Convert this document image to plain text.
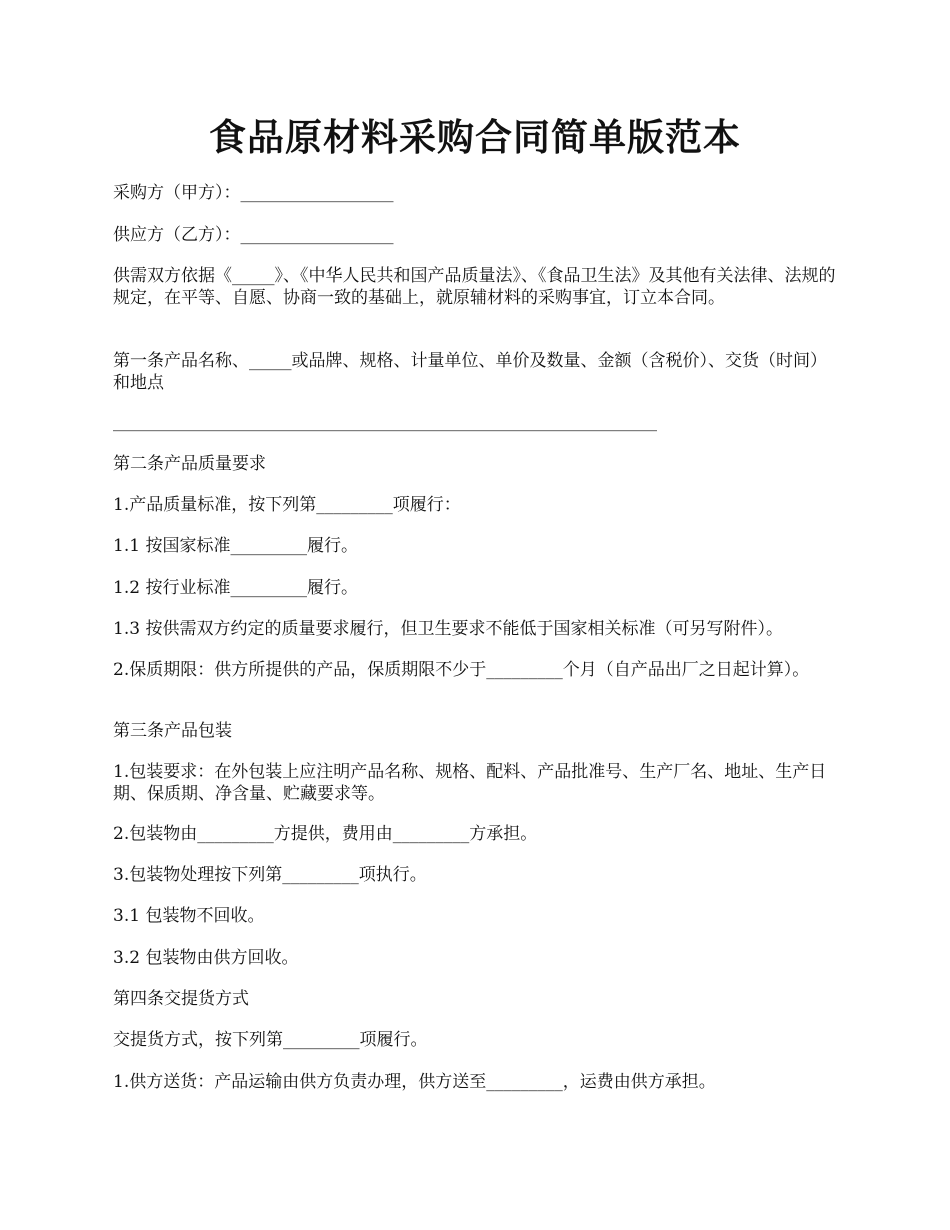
食品原材料采购合同简单版范本

采购方（甲方）：__________________

供应方（乙方）：__________________

供需双方依据《_____》、《中华人民共和国产品质量法》、《食品卫生法》及其他有关法律、法规的规定，在平等、自愿、协商一致的基础上，就原辅材料的采购事宜，订立本合同。

第一条产品名称、_____或品牌、规格、计量单位、单价及数量、金额（含税价）、交货（时间）和地点

________________________________________________________________

第二条产品质量要求

1.产品质量标准，按下列第_________项履行：

1.1 按国家标准_________履行。

1.2 按行业标准_________履行。

1.3 按供需双方约定的质量要求履行，但卫生要求不能低于国家相关标准（可另写附件）。

2.保质期限：供方所提供的产品，保质期限不少于_________个月（自产品出厂之日起计算）。

第三条产品包装

1.包装要求：在外包装上应注明产品名称、规格、配料、产品批准号、生产厂名、地址、生产日期、保质期、净含量、贮藏要求等。

2.包装物由_________方提供，费用由_________方承担。

3.包装物处理按下列第_________项执行。

3.1 包装物不回收。

3.2 包装物由供方回收。

第四条交提货方式

交提货方式，按下列第_________项履行。

1.供方送货：产品运输由供方负责办理，供方送至_________，运费由供方承担。
